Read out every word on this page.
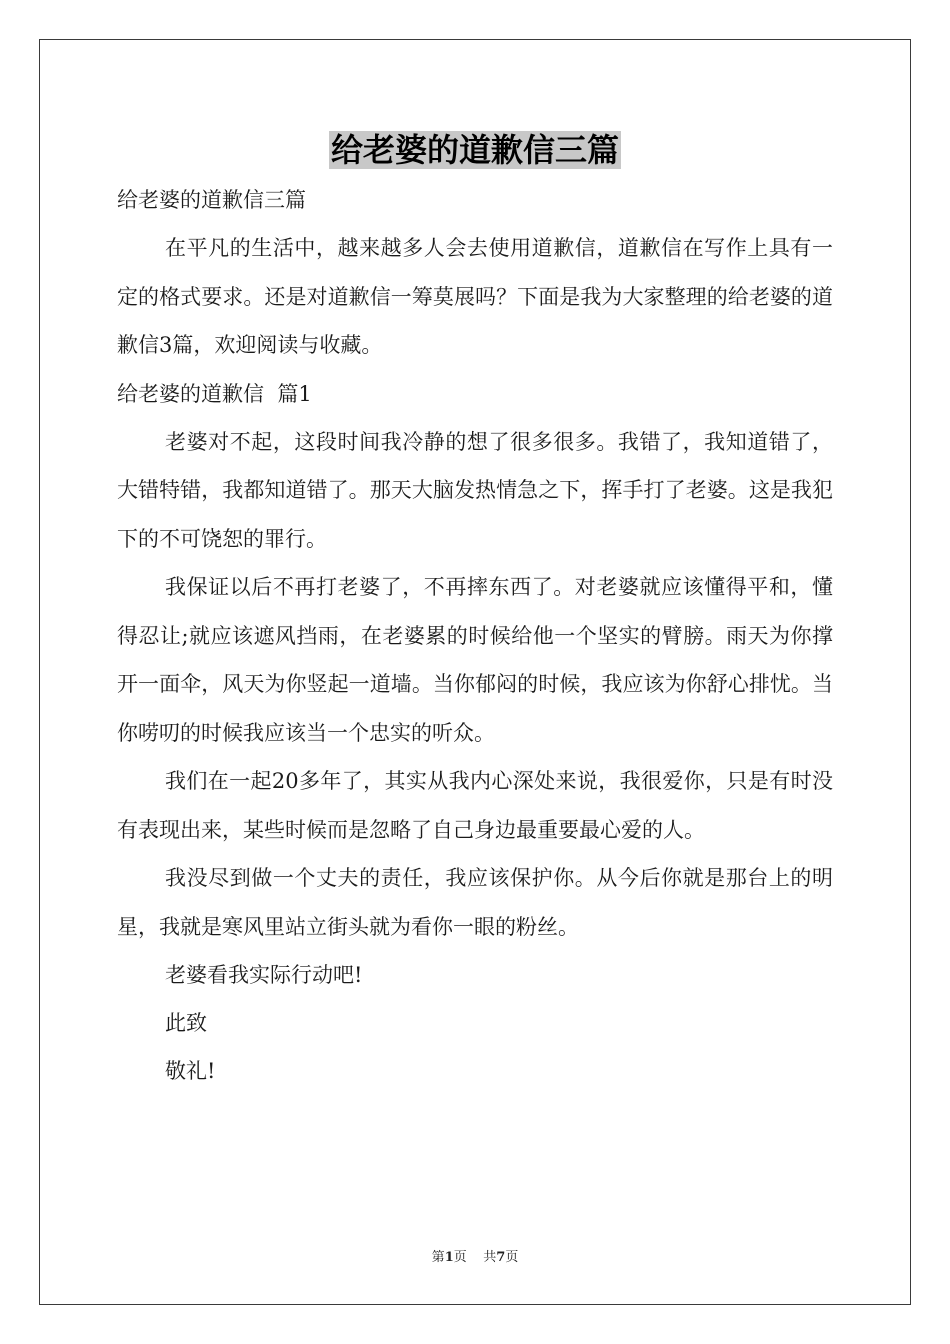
给老婆的道歉信三篇
给老婆的道歉信三篇

在平凡的生活中，越来越多人会去使用道歉信，道歉信在写作上具有一定的格式要求。还是对道歉信一筹莫展吗？下面是我为大家整理的给老婆的道歉信3篇，欢迎阅读与收藏。

给老婆的道歉信  篇1

老婆对不起，这段时间我冷静的想了很多很多。我错了，我知道错了，大错特错，我都知道错了。那天大脑发热情急之下，挥手打了老婆。这是我犯下的不可饶恕的罪行。

我保证以后不再打老婆了，不再摔东西了。对老婆就应该懂得平和，懂得忍让;就应该遮风挡雨，在老婆累的时候给他一个坚实的臂膀。雨天为你撑开一面伞，风天为你竖起一道墙。当你郁闷的时候，我应该为你舒心排忧。当你唠叨的时候我应该当一个忠实的听众。

我们在一起20多年了，其实从我内心深处来说，我很爱你，只是有时没有表现出来，某些时候而是忽略了自己身边最重要最心爱的人。

我没尽到做一个丈夫的责任，我应该保护你。从今后你就是那台上的明星，我就是寒风里站立街头就为看你一眼的粉丝。

老婆看我实际行动吧!
此致
敬礼!
第1页    共7页
